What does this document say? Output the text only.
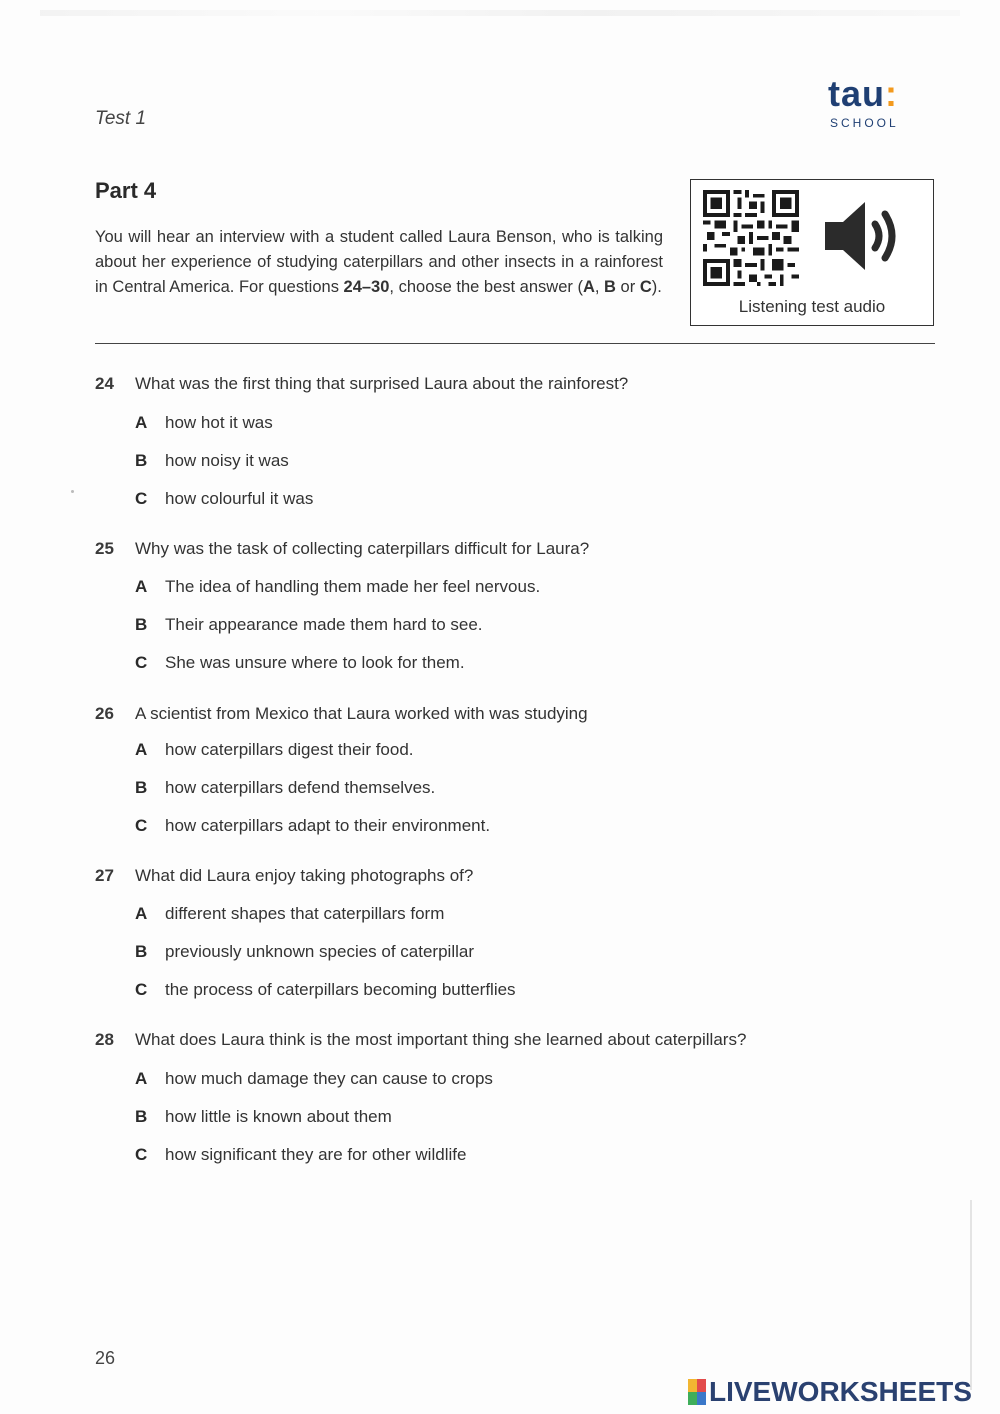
Test 1
tau:
SCHOOL
Part 4
You will hear an interview with a student called Laura Benson, who is talking about her experience of studying caterpillars and other insects in a rainforest in Central America. For questions 24–30, choose the best answer (A, B or C).
Listening test audio
24 What was the first thing that surprised Laura about the rainforest?
A how hot it was
B how noisy it was
C how colourful it was
25 Why was the task of collecting caterpillars difficult for Laura?
A The idea of handling them made her feel nervous.
B Their appearance made them hard to see.
C She was unsure where to look for them.
26 A scientist from Mexico that Laura worked with was studying
A how caterpillars digest their food.
B how caterpillars defend themselves.
C how caterpillars adapt to their environment.
27 What did Laura enjoy taking photographs of?
A different shapes that caterpillars form
B previously unknown species of caterpillar
C the process of caterpillars becoming butterflies
28 What does Laura think is the most important thing she learned about caterpillars?
A how much damage they can cause to crops
B how little is known about them
C how significant they are for other wildlife
26
LIVEWORKSHEETS
